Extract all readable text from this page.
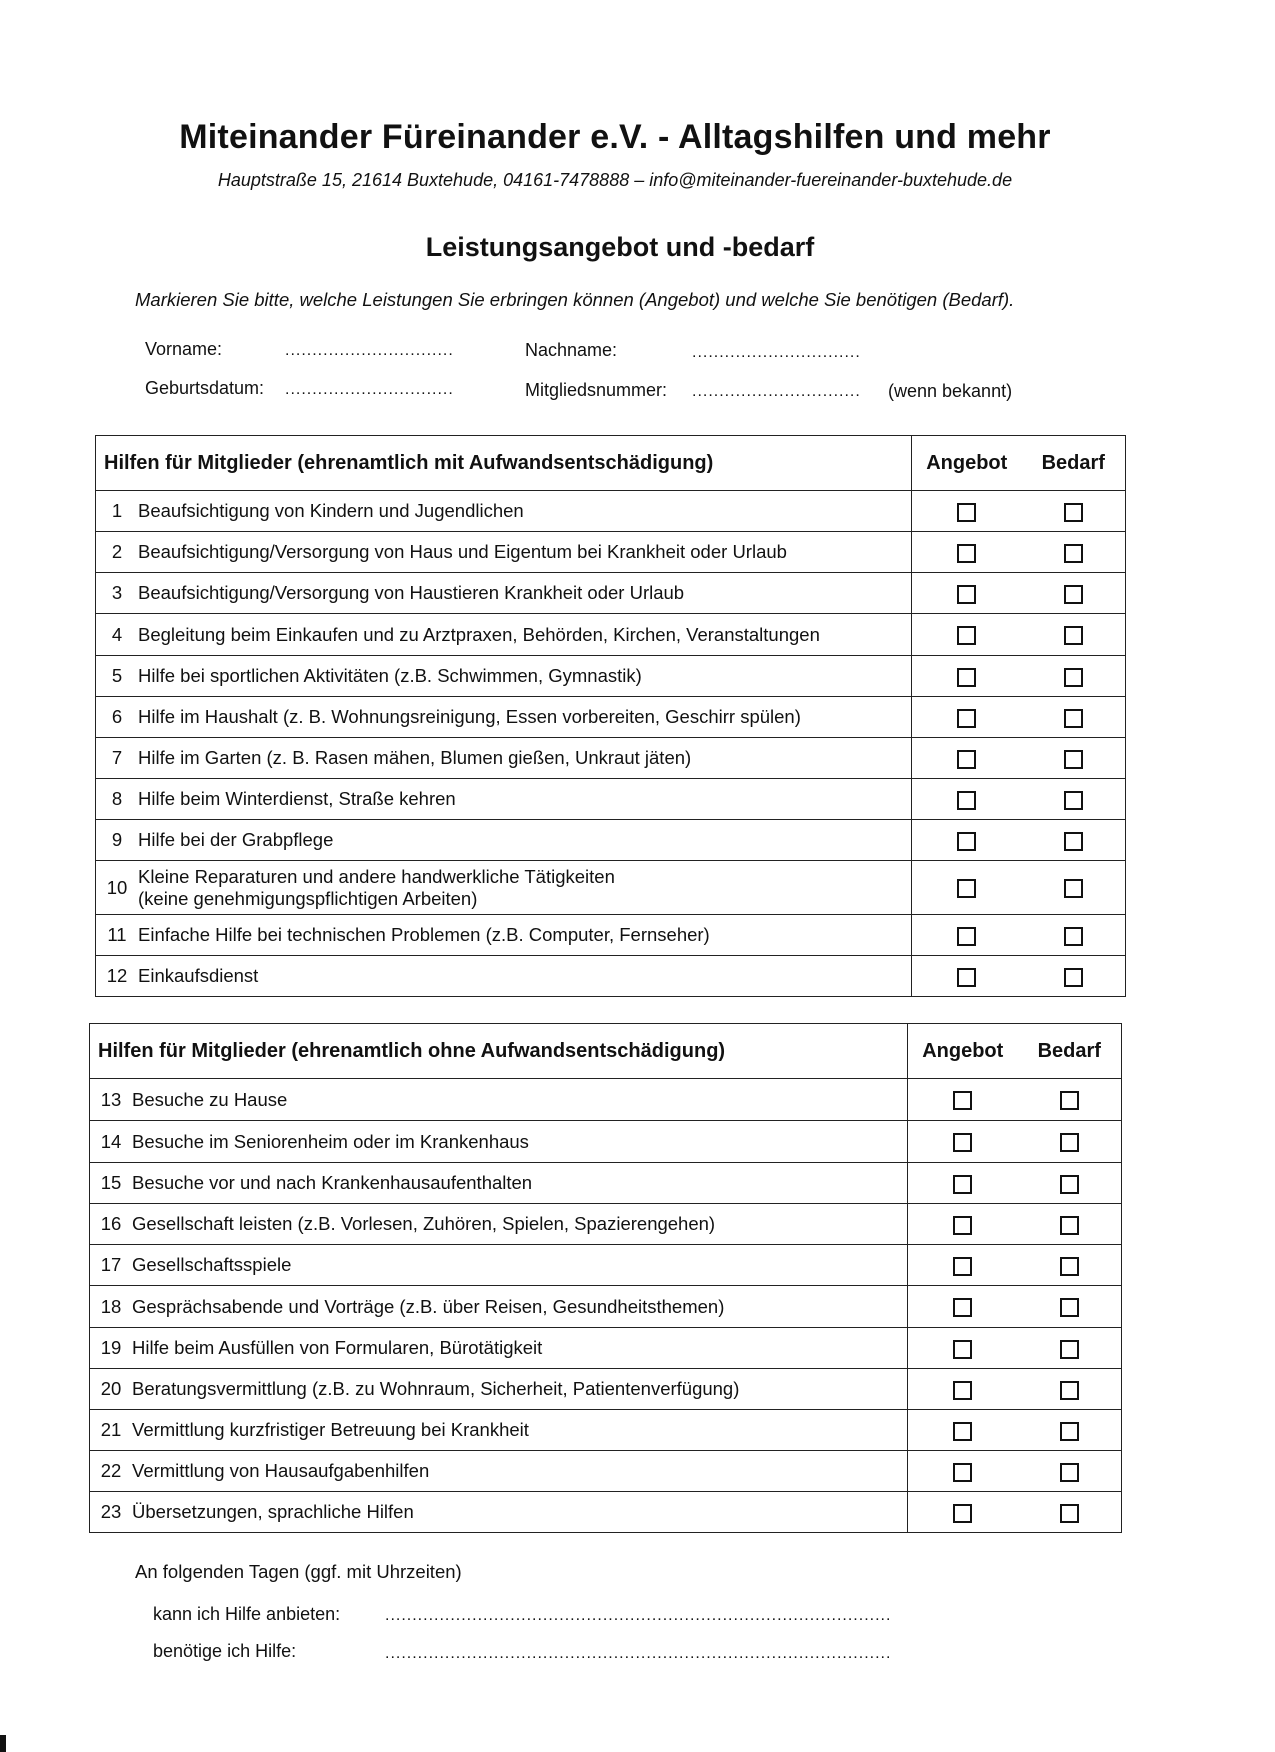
Miteinander Füreinander e.V. - Alltagshilfen und mehr
Hauptstraße 15, 21614 Buxtehude, 04161-7478888 – info@miteinander-fuereinander-buxtehude.de
Leistungsangebot und -bedarf
Markieren Sie bitte, welche Leistungen Sie erbringen können (Angebot) und welche Sie benötigen (Bedarf).
Vorname:	...............................	Nachname:	...............................
Geburtsdatum: ...............................	Mitgliedsnummer: ............................... (wenn bekannt)
Hilfen für Mitglieder (ehrenamtlich mit Aufwandsentschädigung)	Angebot	Bedarf

1 Beaufsichtigung von Kindern und Jugendlichen		

2 Beaufsichtigung/Versorgung von Haus und Eigentum bei Krankheit oder Urlaub		

3 Beaufsichtigung/Versorgung von Haustieren Krankheit oder Urlaub		

4 Begleitung beim Einkaufen und zu Arztpraxen, Behörden, Kirchen, Veranstaltungen		

5 Hilfe bei sportlichen Aktivitäten (z.B. Schwimmen, Gymnastik)		

6 Hilfe im Haushalt (z. B. Wohnungsreinigung, Essen vorbereiten, Geschirr spülen)		

7 Hilfe im Garten (z. B. Rasen mähen, Blumen gießen, Unkraut jäten)		

8 Hilfe beim Winterdienst, Straße kehren		

9 Hilfe bei der Grabpflege		

10
Kleine Reparaturen und andere handwerkliche Tätigkeiten
(keine genehmigungspflichtigen Arbeiten)		

11 Einfache Hilfe bei technischen Problemen (z.B. Computer, Fernseher)		

12 Einkaufsdienst		

Hilfen für Mitglieder (ehrenamtlich ohne Aufwandsentschädigung)	Angebot	Bedarf

13 Besuche zu Hause		

14 Besuche im Seniorenheim oder im Krankenhaus		

15 Besuche vor und nach Krankenhausaufenthalten		

16 Gesellschaft leisten (z.B. Vorlesen, Zuhören, Spielen, Spazierengehen)		

17 Gesellschaftsspiele		

18 Gesprächsabende und Vorträge (z.B. über Reisen, Gesundheitsthemen)		

19 Hilfe beim Ausfüllen von Formularen, Bürotätigkeit		

20 Beratungsvermittlung (z.B. zu Wohnraum, Sicherheit, Patientenverfügung)		

21 Vermittlung kurzfristiger Betreuung bei Krankheit		

22 Vermittlung von Hausaufgabenhilfen		

23 Übersetzungen, sprachliche Hilfen		

An folgenden Tagen (ggf. mit Uhrzeiten)
kann ich Hilfe anbieten:	.............................................................................................
benötige ich Hilfe:	.............................................................................................
